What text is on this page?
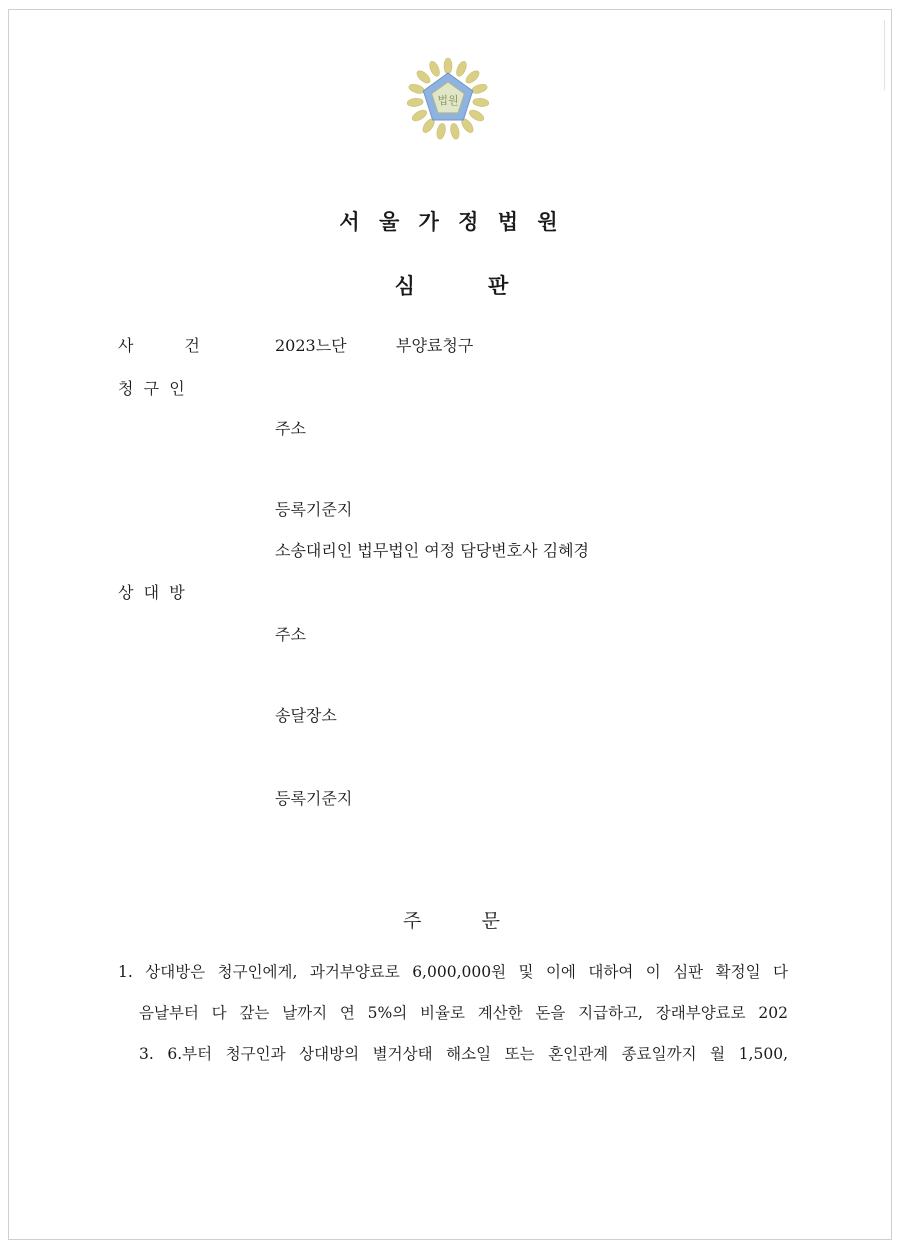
법원
서 울 가 정 법 원
심          판
사          건	2023느단	부양료청구
청  구  인
주소
등록기준지
소송대리인 법무법인 여정 담당변호사 김혜경
상  대  방
주소
송달장소
등록기준지
주          문
1. 상대방은 청구인에게, 과거부양료로 6,000,000원 및 이에 대하여 이 심판 확정일 다
음날부터 다 갚는 날까지 연 5%의 비율로 계산한 돈을 지급하고, 장래부양료로 202
3. 6.부터 청구인과 상대방의 별거상태 해소일 또는 혼인관계 종료일까지 월 1,500,
